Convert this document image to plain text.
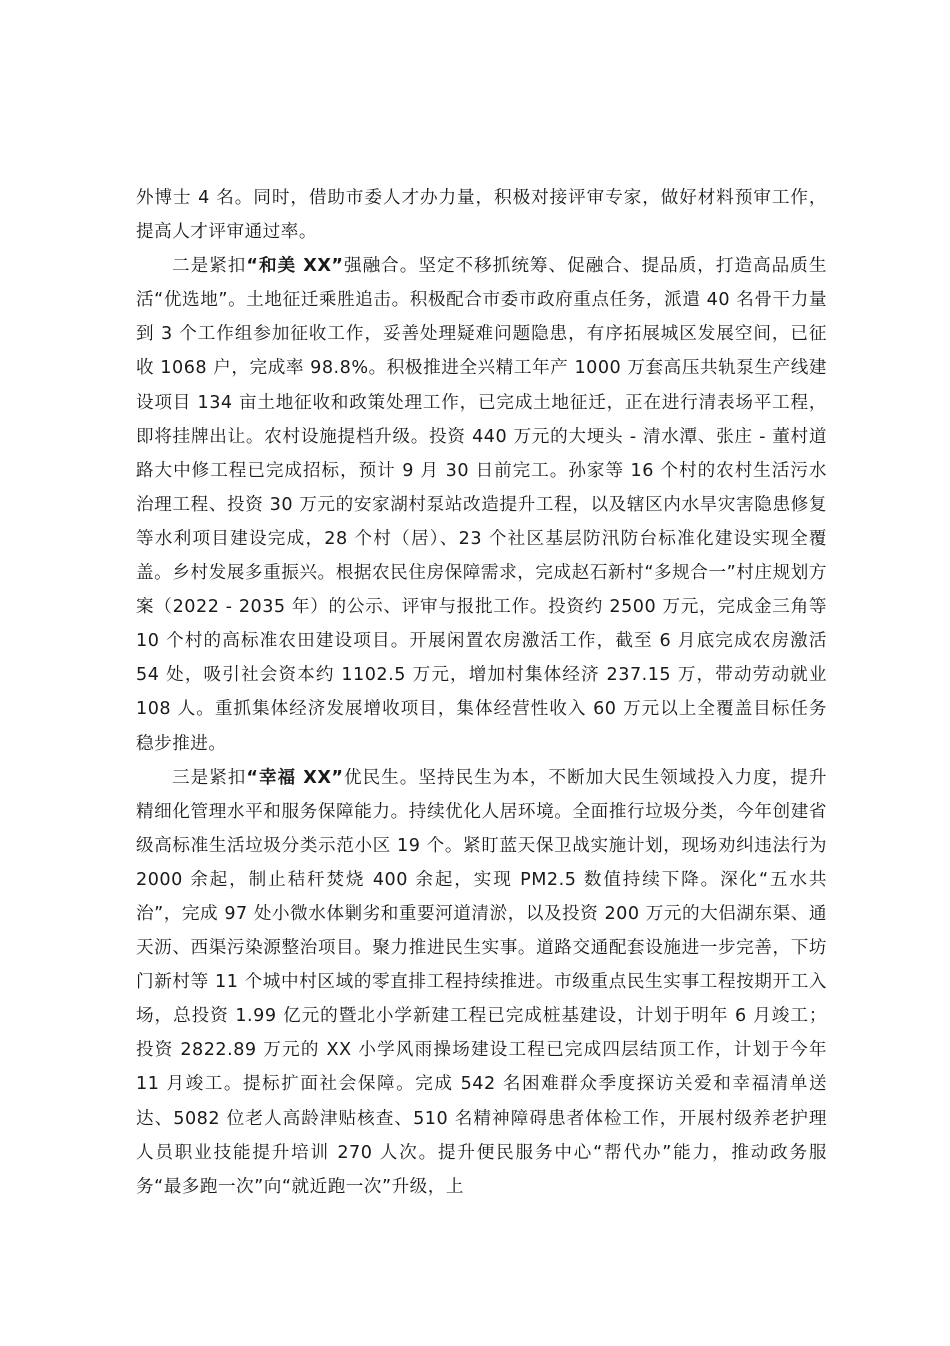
外博士 4 名。同时，借助市委人才办力量，积极对接评审专家，做好材料预审工作，提高人才评审通过率。

二是紧扣“和美 XX”强融合。坚定不移抓统筹、促融合、提品质，打造高品质生活“优选地”。土地征迁乘胜追击。积极配合市委市政府重点任务，派遣 40 名骨干力量到 3 个工作组参加征收工作，妥善处理疑难问题隐患，有序拓展城区发展空间，已征收 1068 户，完成率 98.8%。积极推进全兴精工年产 1000 万套高压共轨泵生产线建设项目 134 亩土地征收和政策处理工作，已完成土地征迁，正在进行清表场平工程，即将挂牌出让。农村设施提档升级。投资 440 万元的大埂头 - 清水潭、张庄 - 董村道路大中修工程已完成招标，预计 9 月 30 日前完工。孙家等 16 个村的农村生活污水治理工程、投资 30 万元的安家湖村泵站改造提升工程，以及辖区内水旱灾害隐患修复等水利项目建设完成，28 个村（居）、23 个社区基层防汛防台标准化建设实现全覆盖。乡村发展多重振兴。根据农民住房保障需求，完成赵石新村“多规合一”村庄规划方案（2022 - 2035 年）的公示、评审与报批工作。投资约 2500 万元，完成金三角等 10 个村的高标准农田建设项目。开展闲置农房激活工作，截至 6 月底完成农房激活 54 处，吸引社会资本约 1102.5 万元，增加村集体经济 237.15 万，带动劳动就业 108 人。重抓集体经济发展增收项目，集体经营性收入 60 万元以上全覆盖目标任务稳步推进。

三是紧扣“幸福 XX”优民生。坚持民生为本，不断加大民生领域投入力度，提升精细化管理水平和服务保障能力。持续优化人居环境。全面推行垃圾分类，今年创建省级高标准生活垃圾分类示范小区 19 个。紧盯蓝天保卫战实施计划，现场劝纠违法行为 2000 余起，制止秸秆焚烧 400 余起，实现 PM2.5 数值持续下降。深化“五水共治”，完成 97 处小微水体剿劣和重要河道清淤，以及投资 200 万元的大侣湖东渠、通天沥、西渠污染源整治项目。聚力推进民生实事。道路交通配套设施进一步完善，下坊门新村等 11 个城中村区域的零直排工程持续推进。市级重点民生实事工程按期开工入场，总投资 1.99 亿元的暨北小学新建工程已完成桩基建设，计划于明年 6 月竣工；投资 2822.89 万元的 XX 小学风雨操场建设工程已完成四层结顶工作，计划于今年 11 月竣工。提标扩面社会保障。完成 542 名困难群众季度探访关爱和幸福清单送达、5082 位老人高龄津贴核查、510 名精神障碍患者体检工作，开展村级养老护理人员职业技能提升培训 270 人次。提升便民服务中心“帮代办”能力，推动政务服务“最多跑一次”向“就近跑一次”升级，上
